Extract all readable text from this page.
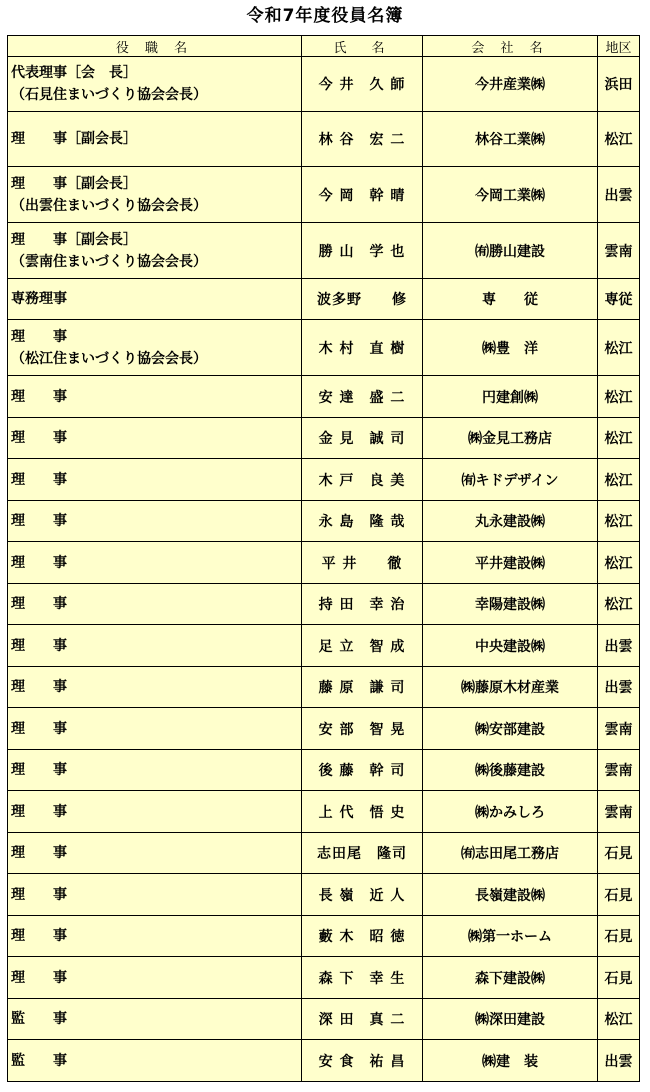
令和7年度役員名簿
役 職 名	氏　名	会 社 名	地区
代表理事［会　長］
（石見住まいづくり協会会長）	今 井　久 師	今井産業㈱	浜田
理　　事［副会長］	林 谷　宏 二	林谷工業㈱	松江
理　　事［副会長］
（出雲住まいづくり協会会長）	今 岡　幹 晴	今岡工業㈱	出雲
理　　事［副会長］
（雲南住まいづくり協会会長）	勝 山　学 也	㈲勝山建設	雲南
専務理事	波多野　　修	専　　従	専従
理　　事
（松江住まいづくり協会会長）	木 村　直 樹	㈱豊　洋	松江
理　　事	安 達　盛 二	円建創㈱	松江
理　　事	金 見　誠 司	㈱金見工務店	松江
理　　事	木 戸　良 美	㈲キドデザイン	松江
理　　事	永 島　隆 哉	丸永建設㈱	松江
理　　事	平 井　　徹	平井建設㈱	松江
理　　事	持 田　幸 治	幸陽建設㈱	松江
理　　事	足 立　智 成	中央建設㈱	出雲
理　　事	藤 原　謙 司	㈱藤原木材産業	出雲
理　　事	安 部　智 晃	㈱安部建設	雲南
理　　事	後 藤　幹 司	㈱後藤建設	雲南
理　　事	上 代　悟 史	㈱かみしろ	雲南
理　　事	志田尾　隆司	㈲志田尾工務店	石見
理　　事	長 嶺　近 人	長嶺建設㈱	石見
理　　事	藪 木　昭 徳	㈱第一ホーム	石見
理　　事	森 下　幸 生	森下建設㈱	石見
監　　事	深 田　真 二	㈱深田建設	松江
監　　事	安 食　祐 昌	㈱建　装	出雲
